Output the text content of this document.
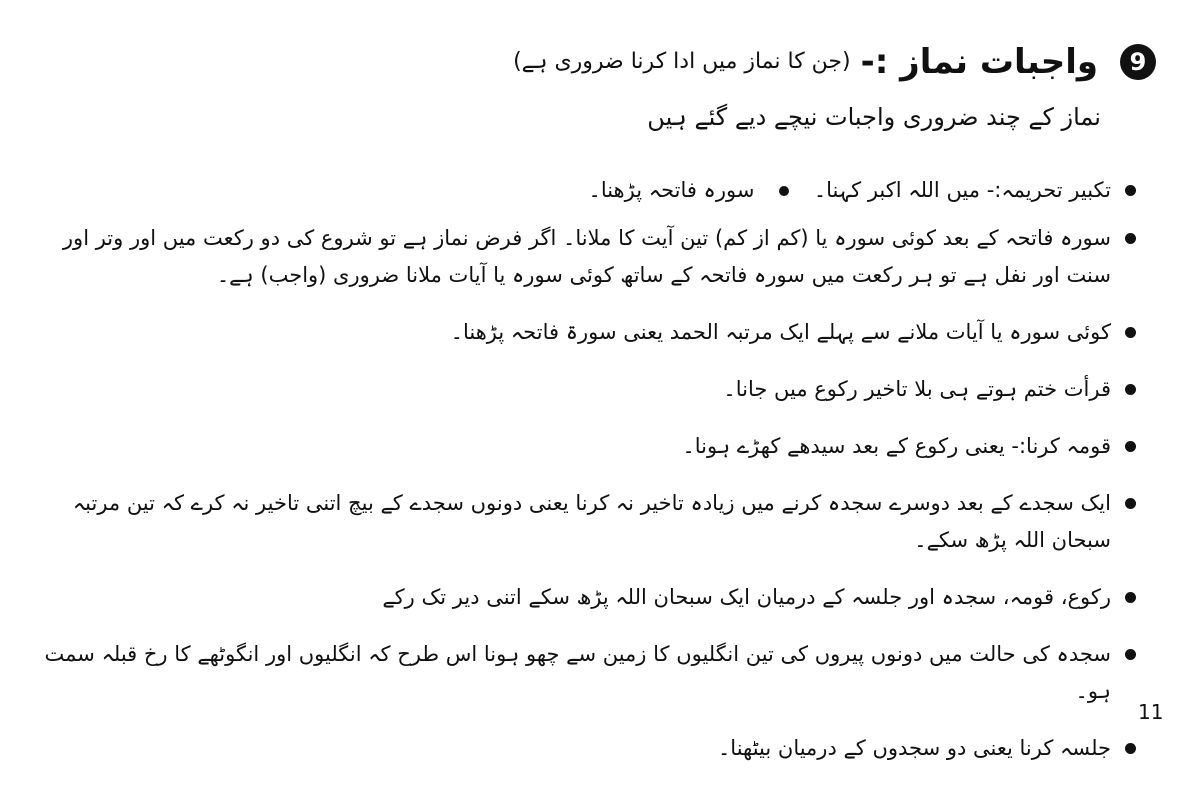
9
واجبات نماز :-
(جن کا نماز میں ادا کرنا ضروری ہے)
نماز کے چند ضروری واجبات نیچے دیے گئے ہیں
تکبیر تحریمہ:- میں اللہ اکبر کہنا۔  سورہ فاتحہ پڑھنا۔
سورہ فاتحہ کے بعد کوئی سورہ یا (کم از کم) تین آیت کا ملانا۔ اگر فرض نماز ہے تو شروع کی دو رکعت میں اور وتر اور سنت اور نفل ہے تو ہر رکعت میں سورہ فاتحہ کے ساتھ کوئی سورہ یا آیات ملانا ضروری (واجب) ہے۔
کوئی سورہ یا آیات ملانے سے پہلے ایک مرتبہ الحمد یعنی سورۃ فاتحہ پڑھنا۔
قرأت ختم ہوتے ہی بلا تاخیر رکوع میں جانا۔
قومہ کرنا:- یعنی رکوع کے بعد سیدھے کھڑے ہونا۔
ایک سجدے کے بعد دوسرے سجدہ کرنے میں زیادہ تاخیر نہ کرنا یعنی دونوں سجدے کے بیچ اتنی تاخیر نہ کرے کہ تین مرتبہ سبحان اللہ پڑھ سکے۔
رکوع، قومہ، سجدہ اور جلسہ کے درمیان ایک سبحان اللہ پڑھ سکے اتنی دیر تک رکے
سجدہ کی حالت میں دونوں پیروں کی تین انگلیوں کا زمین سے چھو ہونا اس طرح کہ انگلیوں اور انگوٹھے کا رخ قبلہ سمت ہو۔
جلسہ کرنا یعنی دو سجدوں کے درمیان بیٹھنا۔
11
